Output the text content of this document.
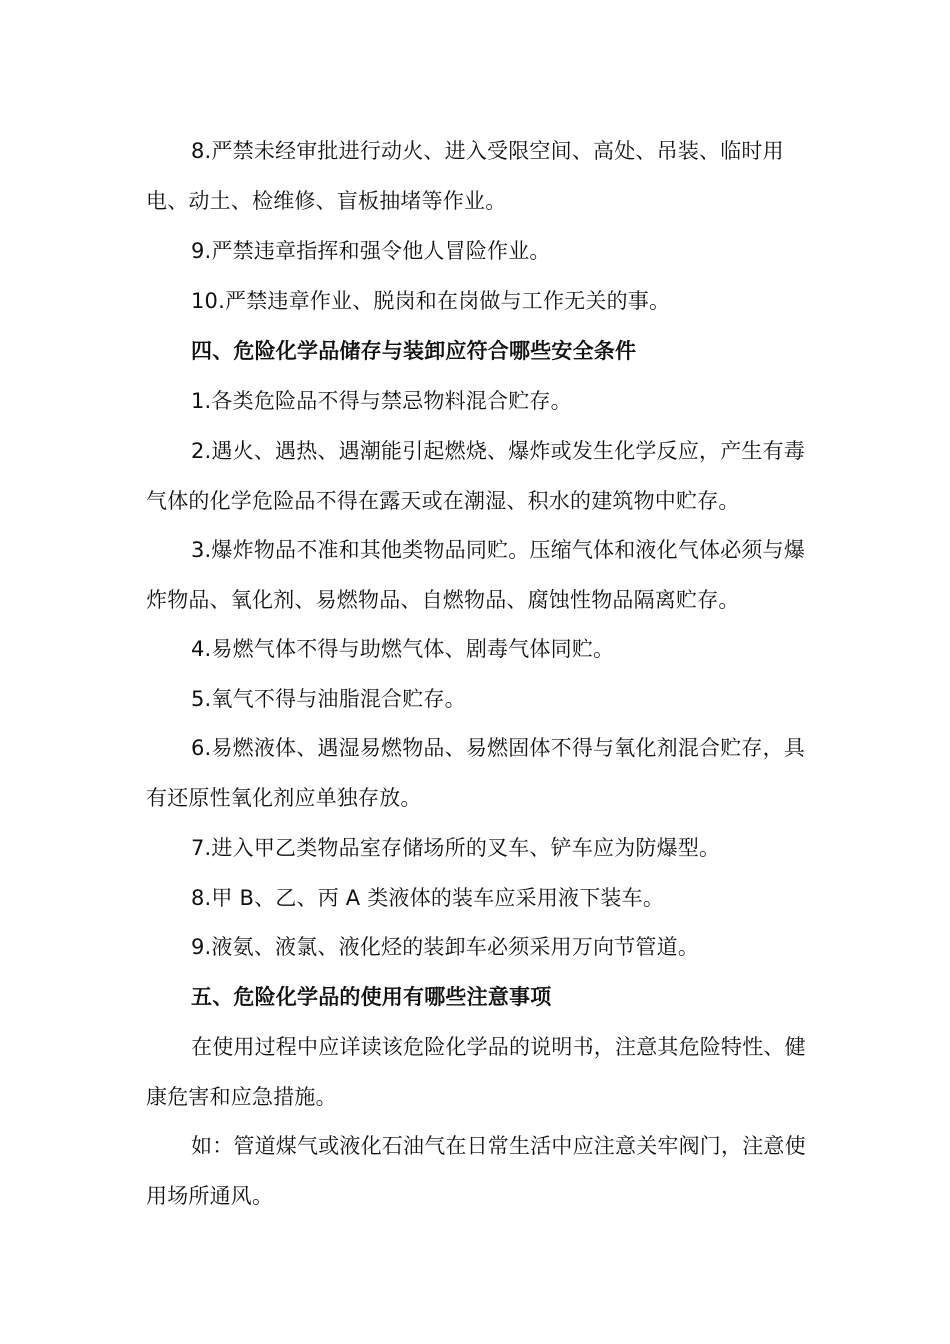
8.严禁未经审批进行动火、进入受限空间、高处、吊装、临时用电、动土、检维修、盲板抽堵等作业。

9.严禁违章指挥和强令他人冒险作业。

10.严禁违章作业、脱岗和在岗做与工作无关的事。

四、危险化学品储存与装卸应符合哪些安全条件

1.各类危险品不得与禁忌物料混合贮存。

2.遇火、遇热、遇潮能引起燃烧、爆炸或发生化学反应，产生有毒气体的化学危险品不得在露天或在潮湿、积水的建筑物中贮存。

3.爆炸物品不准和其他类物品同贮。压缩气体和液化气体必须与爆炸物品、氧化剂、易燃物品、自燃物品、腐蚀性物品隔离贮存。

4.易燃气体不得与助燃气体、剧毒气体同贮。

5.氧气不得与油脂混合贮存。

6.易燃液体、遇湿易燃物品、易燃固体不得与氧化剂混合贮存，具有还原性氧化剂应单独存放。

7.进入甲乙类物品室存储场所的叉车、铲车应为防爆型。

8.甲 B、乙、丙 A 类液体的装车应采用液下装车。

9.液氨、液氯、液化烃的装卸车必须采用万向节管道。

五、危险化学品的使用有哪些注意事项

在使用过程中应详读该危险化学品的说明书，注意其危险特性、健康危害和应急措施。

如：管道煤气或液化石油气在日常生活中应注意关牢阀门，注意使用场所通风。
